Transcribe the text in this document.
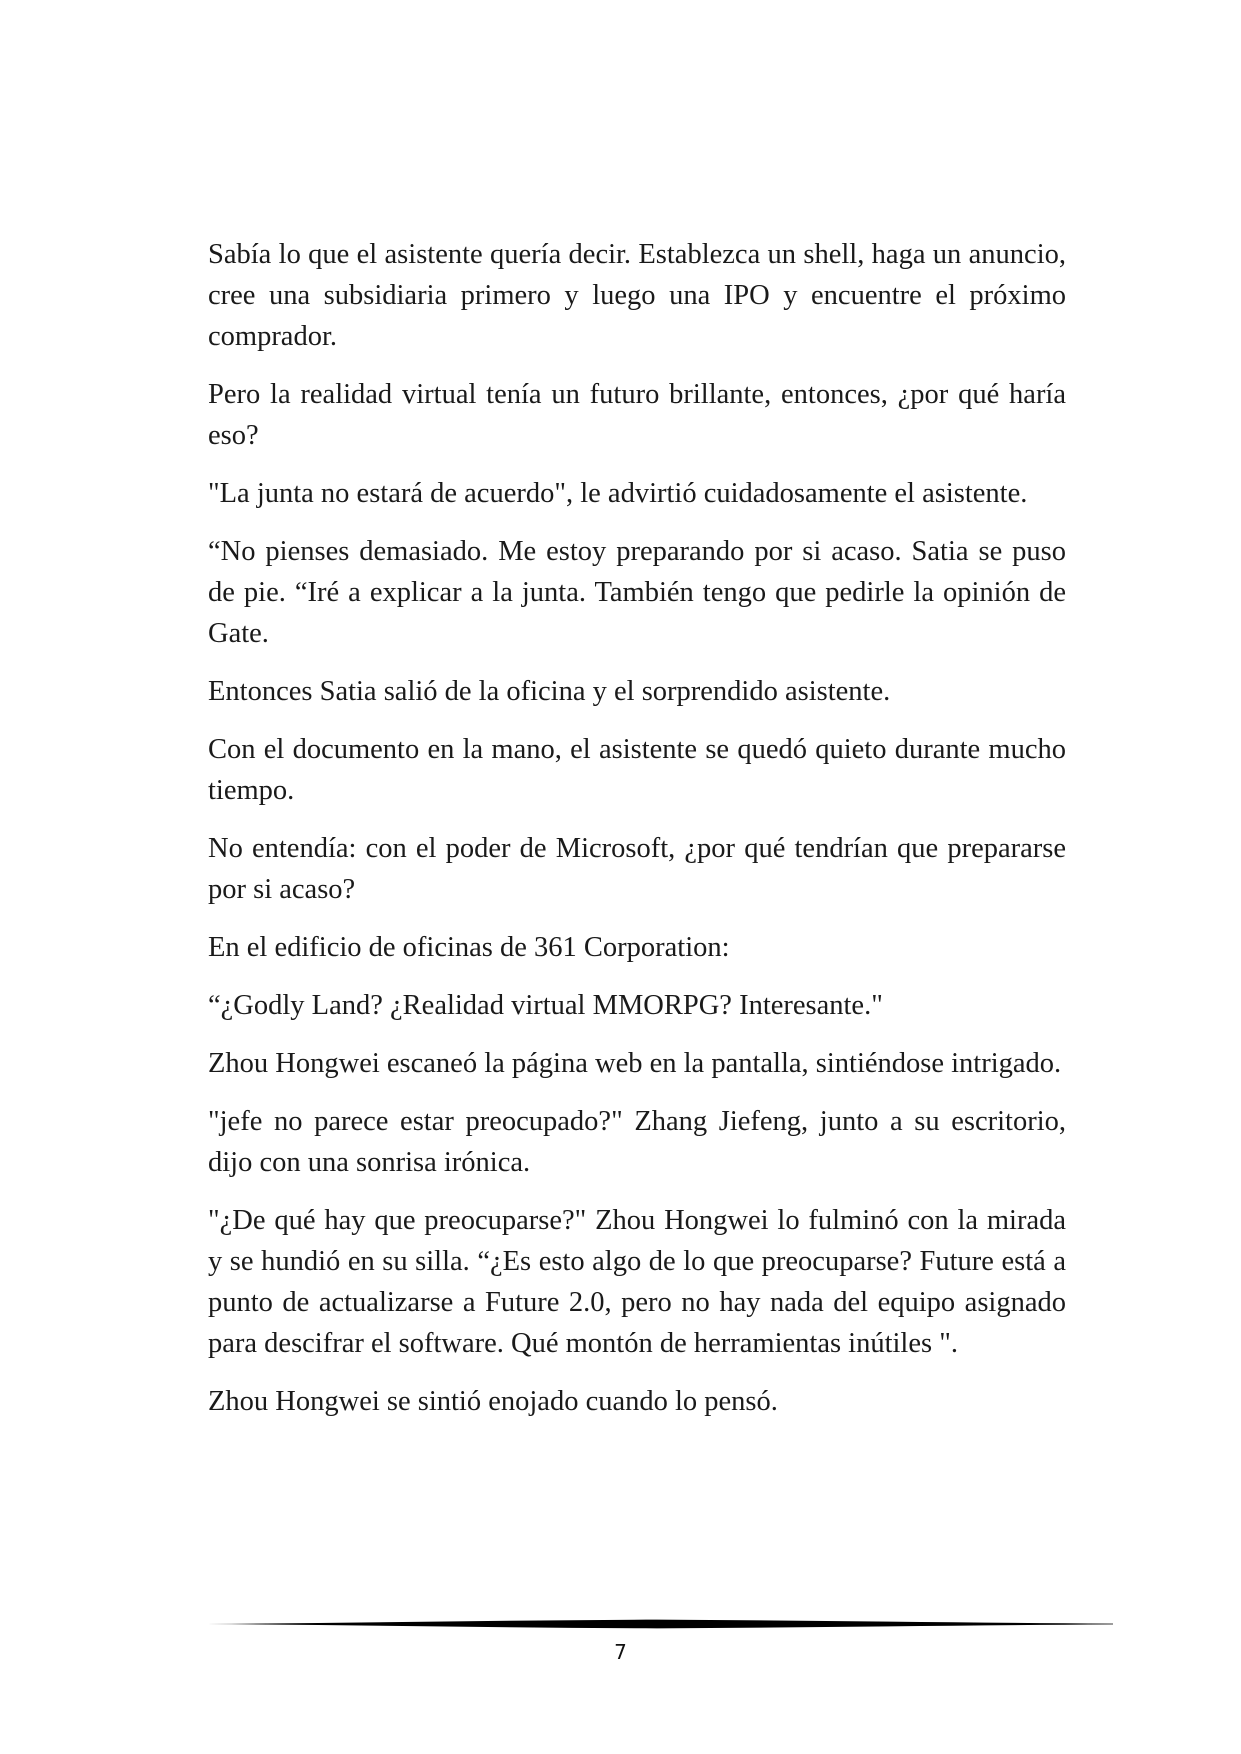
Sabía lo que el asistente quería decir. Establezca un shell, haga un anuncio, cree una subsidiaria primero y luego una IPO y encuentre el próximo comprador.

Pero la realidad virtual tenía un futuro brillante, entonces, ¿por qué haría eso?

"La junta no estará de acuerdo", le advirtió cuidadosamente el asistente.

“No pienses demasiado. Me estoy preparando por si acaso. Satia se puso de pie. “Iré a explicar a la junta. También tengo que pedirle la opinión de Gate.

Entonces Satia salió de la oficina y el sorprendido asistente.

Con el documento en la mano, el asistente se quedó quieto durante mucho tiempo.

No entendía: con el poder de Microsoft, ¿por qué tendrían que prepararse por si acaso?

En el edificio de oficinas de 361 Corporation:

“¿Godly Land? ¿Realidad virtual MMORPG? Interesante."

Zhou Hongwei escaneó la página web en la pantalla, sintiéndose intrigado.

"jefe no parece estar preocupado?" Zhang Jiefeng, junto a su escritorio, dijo con una sonrisa irónica.

"¿De qué hay que preocuparse?" Zhou Hongwei lo fulminó con la mirada y se hundió en su silla. “¿Es esto algo de lo que preocuparse? Future está a punto de actualizarse a Future 2.0, pero no hay nada del equipo asignado para descifrar el software. Qué montón de herramientas inútiles ".

Zhou Hongwei se sintió enojado cuando lo pensó.

7
